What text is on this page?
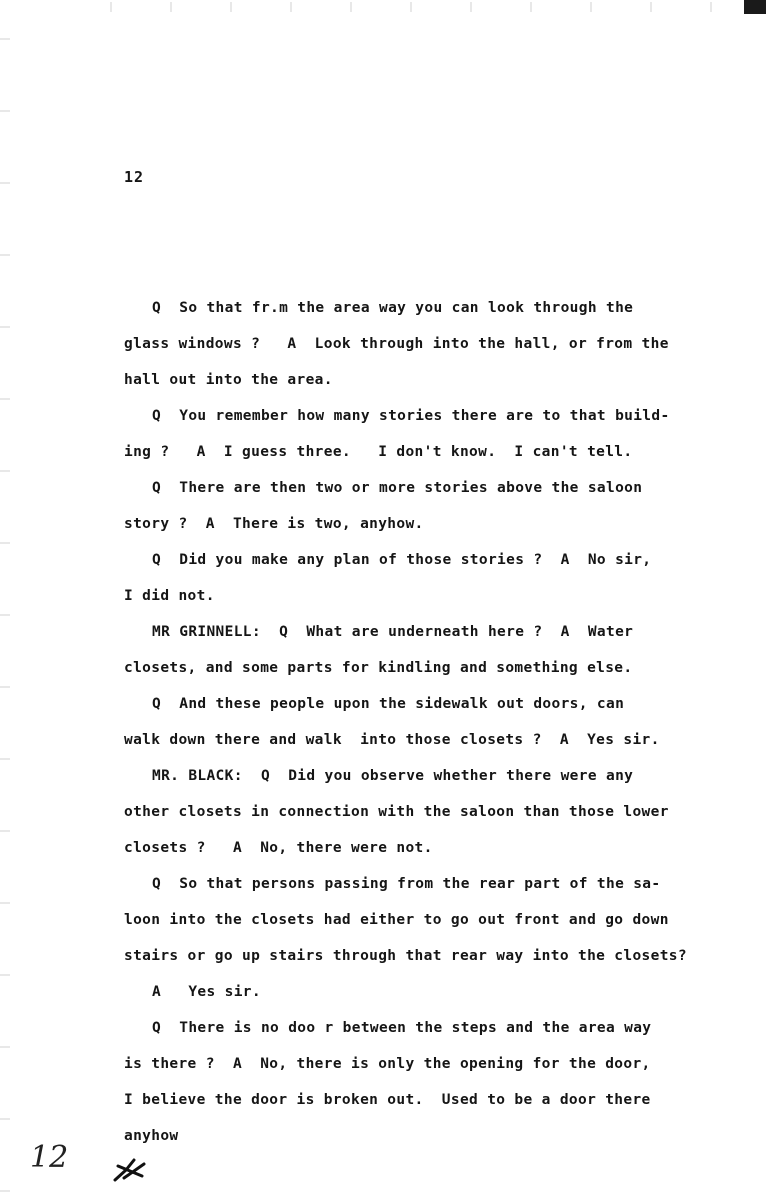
12
Q  So that fr.m the area way you can look through the
glass windows ?   A  Look through into the hall, or from the
hall out into the area.
Q  You remember how many stories there are to that build-
ing ?   A  I guess three.   I don't know.  I can't tell.
Q  There are then two or more stories above the saloon
story ?  A  There is two, anyhow.
Q  Did you make any plan of those stories ?  A  No sir,
I did not.
MR GRINNELL:  Q  What are underneath here ?  A  Water
closets, and some parts for kindling and something else.
Q  And these people upon the sidewalk out doors, can
walk down there and walk  into those closets ?  A  Yes sir.
MR. BLACK:  Q  Did you observe whether there were any
other closets in connection with the saloon than those lower
closets ?   A  No, there were not.
Q  So that persons passing from the rear part of the sa-
loon into the closets had either to go out front and go down
stairs or go up stairs through that rear way into the closets?
A   Yes sir.
Q  There is no doo r between the steps and the area way
is there ?  A  No, there is only the opening for the door,
I believe the door is broken out.  Used to be a door there
anyhow
12
